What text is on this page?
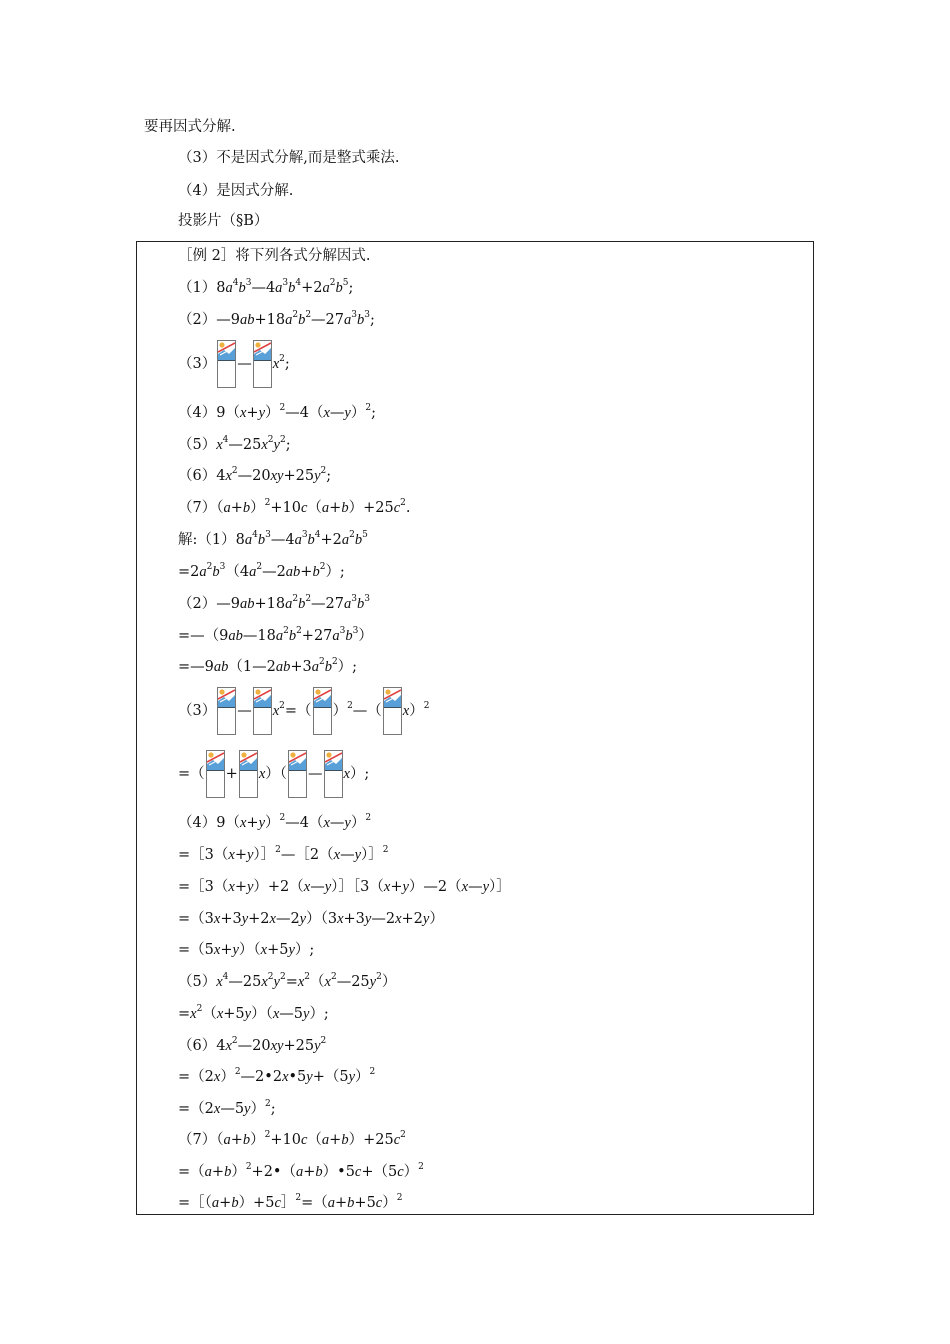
要再因式分解.
（3）不是因式分解,而是整式乘法.
（4）是因式分解.
投影片（§B）
［例 2］将下列各式分解因式.
$(1)8a^4b^3—4a^3b^4+2a^2b^5$;
$(2)—9ab+18a^2b^2—27a^3b^3$;
（3） — $x^2$;
$(4)9(x+y)^2—4(x—y)^2$;
$(5)x^4—25x^2y^2$;
$(6)4x^2—20xy+25y^2$;
$(7)(a+b)^2+10c(a+b)+25c^2$.
解$:(1)8a^4b^3—4a^3b^4+2a^2b^5$
$=2a^2b^3(4a^2—2ab+b^2)$;
$(2)—9ab+18a^2b^2—27a^3b^3$
$=—(9ab—18a^2b^2+27a^3b^3)$
$=—9ab(1—2ab+3a^2b^2)$;
（3） — $x^2=$（ ）$^2$—（ x）$^2$
=（ + x）（ — x）;
$(4)9(x+y)^2—4(x—y)^2$
=［3（x+y）］$^2$—［2（x—y）］$^2$
=［3（x+y）+2（x—y）］［3（x+y）—2（x—y）］
=（3x+3y+2x—2y）（3x+3y—2x+2y）
=（5x+y）（x+5y）;
$(5)x^4—25x^2y^2=x^2(x^2—25y^2)$
$=x^2(x+5y)(x—5y)$;
$(6)4x^2—20xy+25y^2$
$=(2x)^2—2•2x•5y+(5y)^2$
=（2x—5y）$^2$;
$(7)(a+b)^2+10c(a+b)+25c^2$
$=(a+b)^2+2•(a+b)•5c+(5c)^2$
$=[(a+b)+5c]^2=(a+b+5c)^2$
